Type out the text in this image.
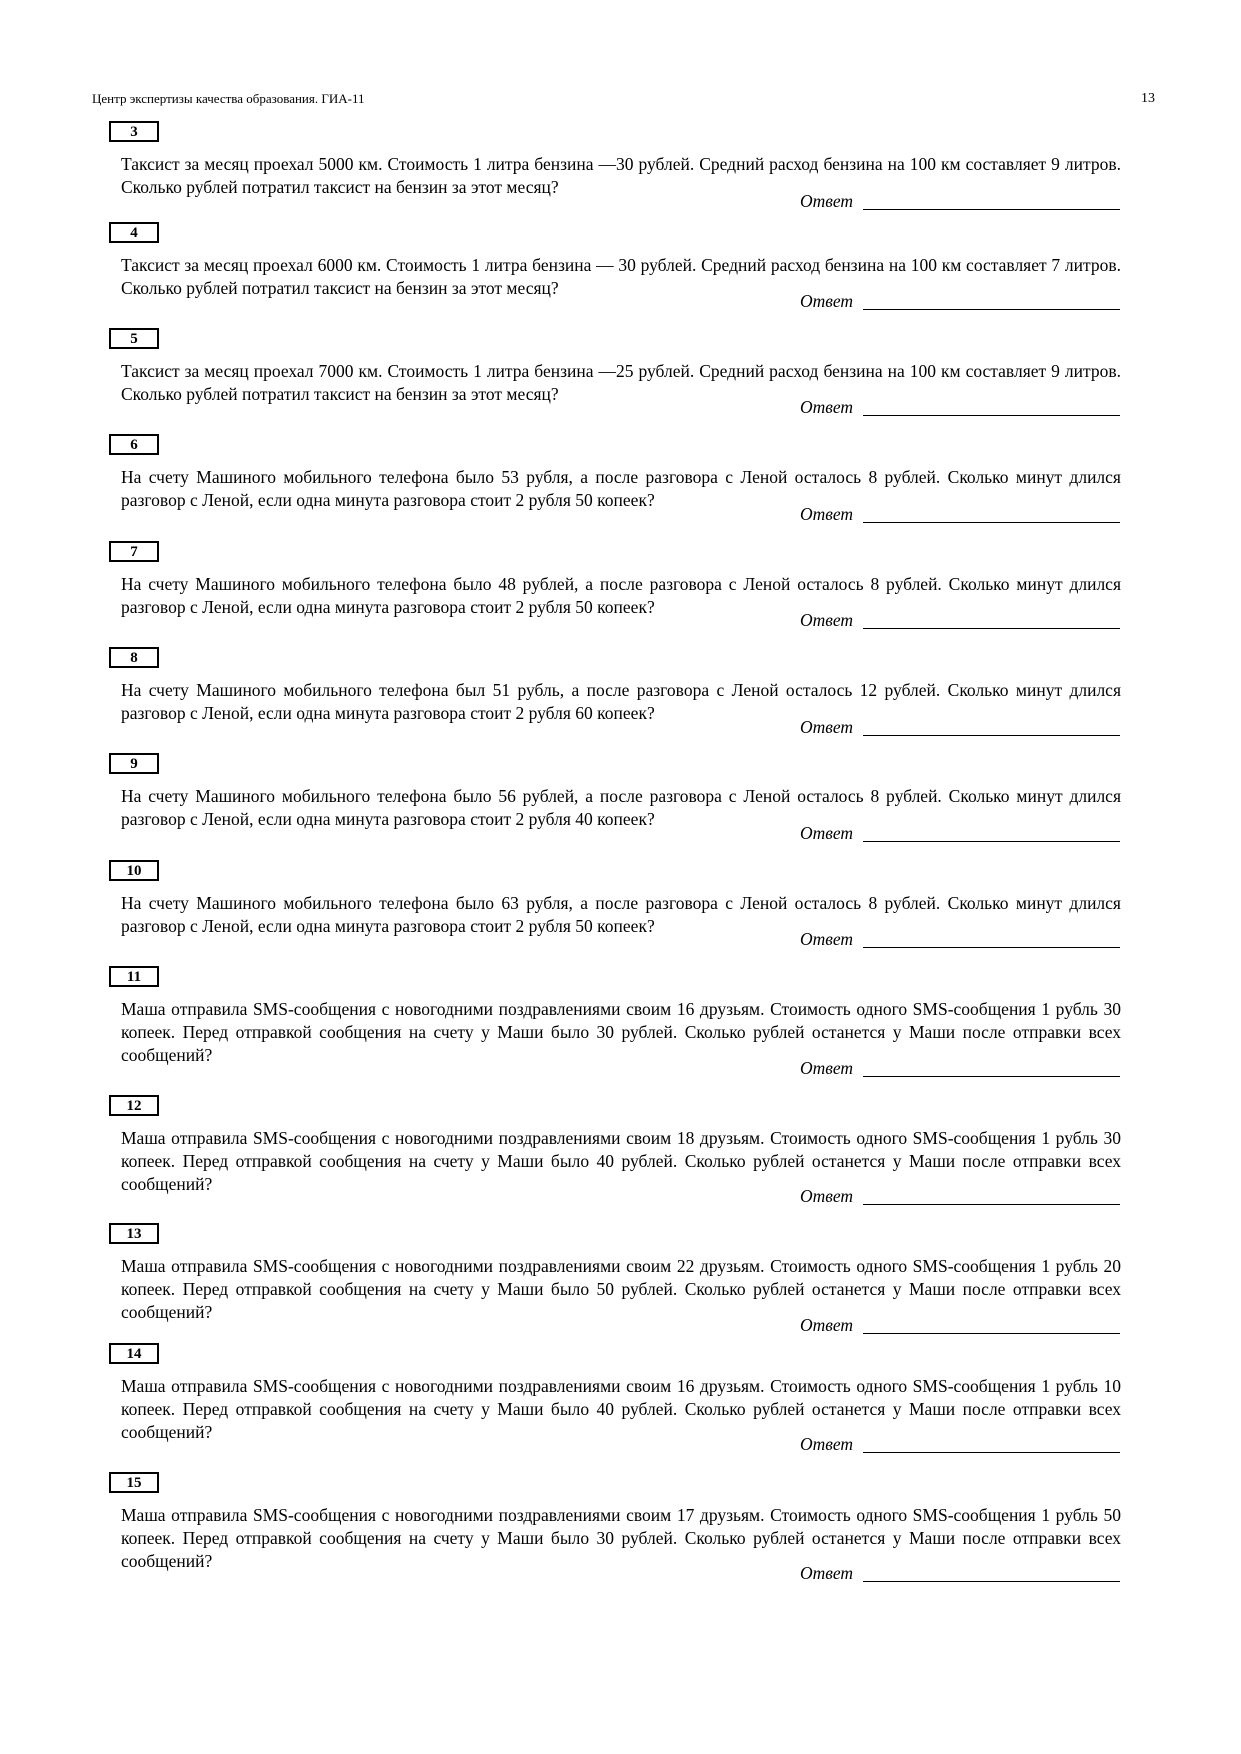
Центр экспертизы качества образования. ГИА-11	13
3
Таксист за месяц проехал 5000 км. Стоимость 1 литра бензина —30 рублей. Средний расход бензина на 100 км составляет 9 литров. Сколько рублей потратил таксист на бензин за этот месяц?
Ответ
4
Таксист за месяц проехал 6000 км. Стоимость 1 литра бензина — 30 рублей. Средний расход бензина на 100 км составляет 7 литров. Сколько рублей потратил таксист на бензин за этот месяц?
Ответ
5
Таксист за месяц проехал 7000 км. Стоимость 1 литра бензина —25 рублей. Средний расход бензина на 100 км составляет 9 литров. Сколько рублей потратил таксист на бензин за этот месяц?
Ответ
6
На счету Машиного мобильного телефона было 53 рубля, а после разговора с Леной осталось 8 рублей. Сколько минут длился разговор с Леной, если одна минута разговора стоит 2 рубля 50 копеек?
Ответ
7
На счету Машиного мобильного телефона было 48 рублей, а после разговора с Леной осталось 8 рублей. Сколько минут длился разговор с Леной, если одна минута разговора стоит 2 рубля 50 копеек?
Ответ
8
На счету Машиного мобильного телефона был 51 рубль, а после разговора с Леной осталось 12 рублей. Сколько минут длился разговор с Леной, если одна минута разговора стоит 2 рубля 60 копеек?
Ответ
9
На счету Машиного мобильного телефона было 56 рублей, а после разговора с Леной осталось 8 рублей. Сколько минут длился разговор с Леной, если одна минута разговора стоит 2 рубля 40 копеек?
Ответ
10
На счету Машиного мобильного телефона было 63 рубля, а после разговора с Леной осталось 8 рублей. Сколько минут длился разговор с Леной, если одна минута разговора стоит 2 рубля 50 копеек?
Ответ
11
Маша отправила SMS-сообщения с новогодними поздравлениями своим 16 друзьям. Стоимость одного SMS-сообщения 1 рубль 30 копеек. Перед отправкой сообщения на счету у Маши было 30 рублей. Сколько рублей останется у Маши после отправки всех сообщений?
Ответ
12
Маша отправила SMS-сообщения с новогодними поздравлениями своим 18 друзьям. Стоимость одного SMS-сообщения 1 рубль 30 копеек. Перед отправкой сообщения на счету у Маши было 40 рублей. Сколько рублей останется у Маши после отправки всех сообщений?
Ответ
13
Маша отправила SMS-сообщения с новогодними поздравлениями своим 22 друзьям. Стоимость одного SMS-сообщения 1 рубль 20 копеек. Перед отправкой сообщения на счету у Маши было 50 рублей. Сколько рублей останется у Маши после отправки всех сообщений?
Ответ
14
Маша отправила SMS-сообщения с новогодними поздравлениями своим 16 друзьям. Стоимость одного SMS-сообщения 1 рубль 10 копеек. Перед отправкой сообщения на счету у Маши было 40 рублей. Сколько рублей останется у Маши после отправки всех сообщений?
Ответ
15
Маша отправила SMS-сообщения с новогодними поздравлениями своим 17 друзьям. Стоимость одного SMS-сообщения 1 рубль 50 копеек. Перед отправкой сообщения на счету у Маши было 30 рублей. Сколько рублей останется у Маши после отправки всех сообщений?
Ответ
